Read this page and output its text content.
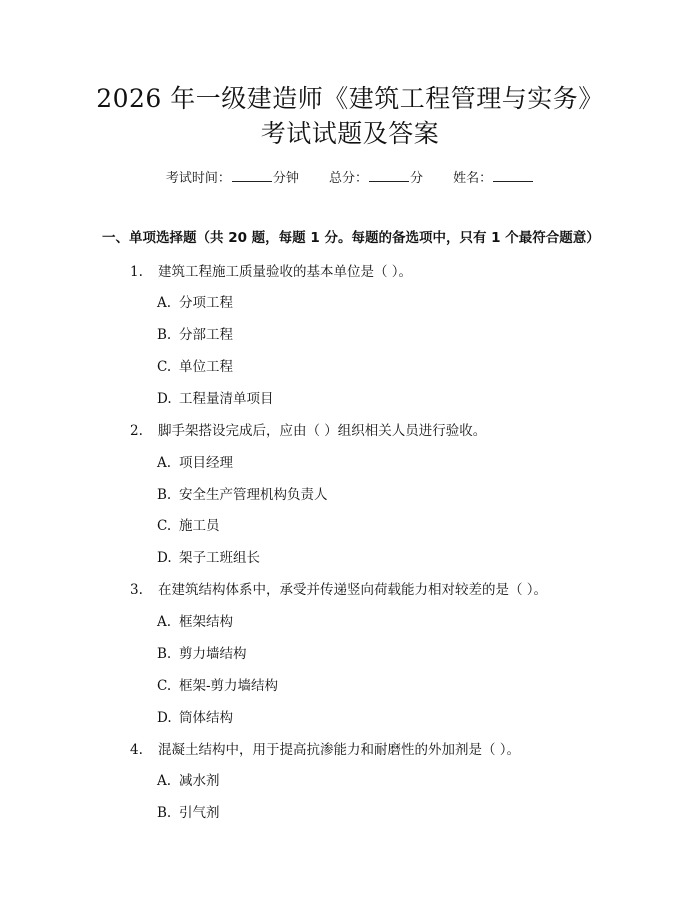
2026 年一级建造师《建筑工程管理与实务》
考试试题及答案
考试时间：	分钟 总分：	分 姓名：
一、单项选择题（共 20 题，每题 1 分。每题的备选项中，只有 1 个最符合题意）
1. 建筑工程施工质量验收的基本单位是（ ）。
A. 分项工程
B. 分部工程
C. 单位工程
D. 工程量清单项目
2. 脚手架搭设完成后，应由（ ）组织相关人员进行验收。
A. 项目经理
B. 安全生产管理机构负责人
C. 施工员
D. 架子工班组长
3. 在建筑结构体系中，承受并传递竖向荷载能力相对较差的是（ ）。
A. 框架结构
B. 剪力墙结构
C. 框架-剪力墙结构
D. 筒体结构
4. 混凝土结构中，用于提高抗渗能力和耐磨性的外加剂是（ ）。
A. 减水剂
B. 引气剂
